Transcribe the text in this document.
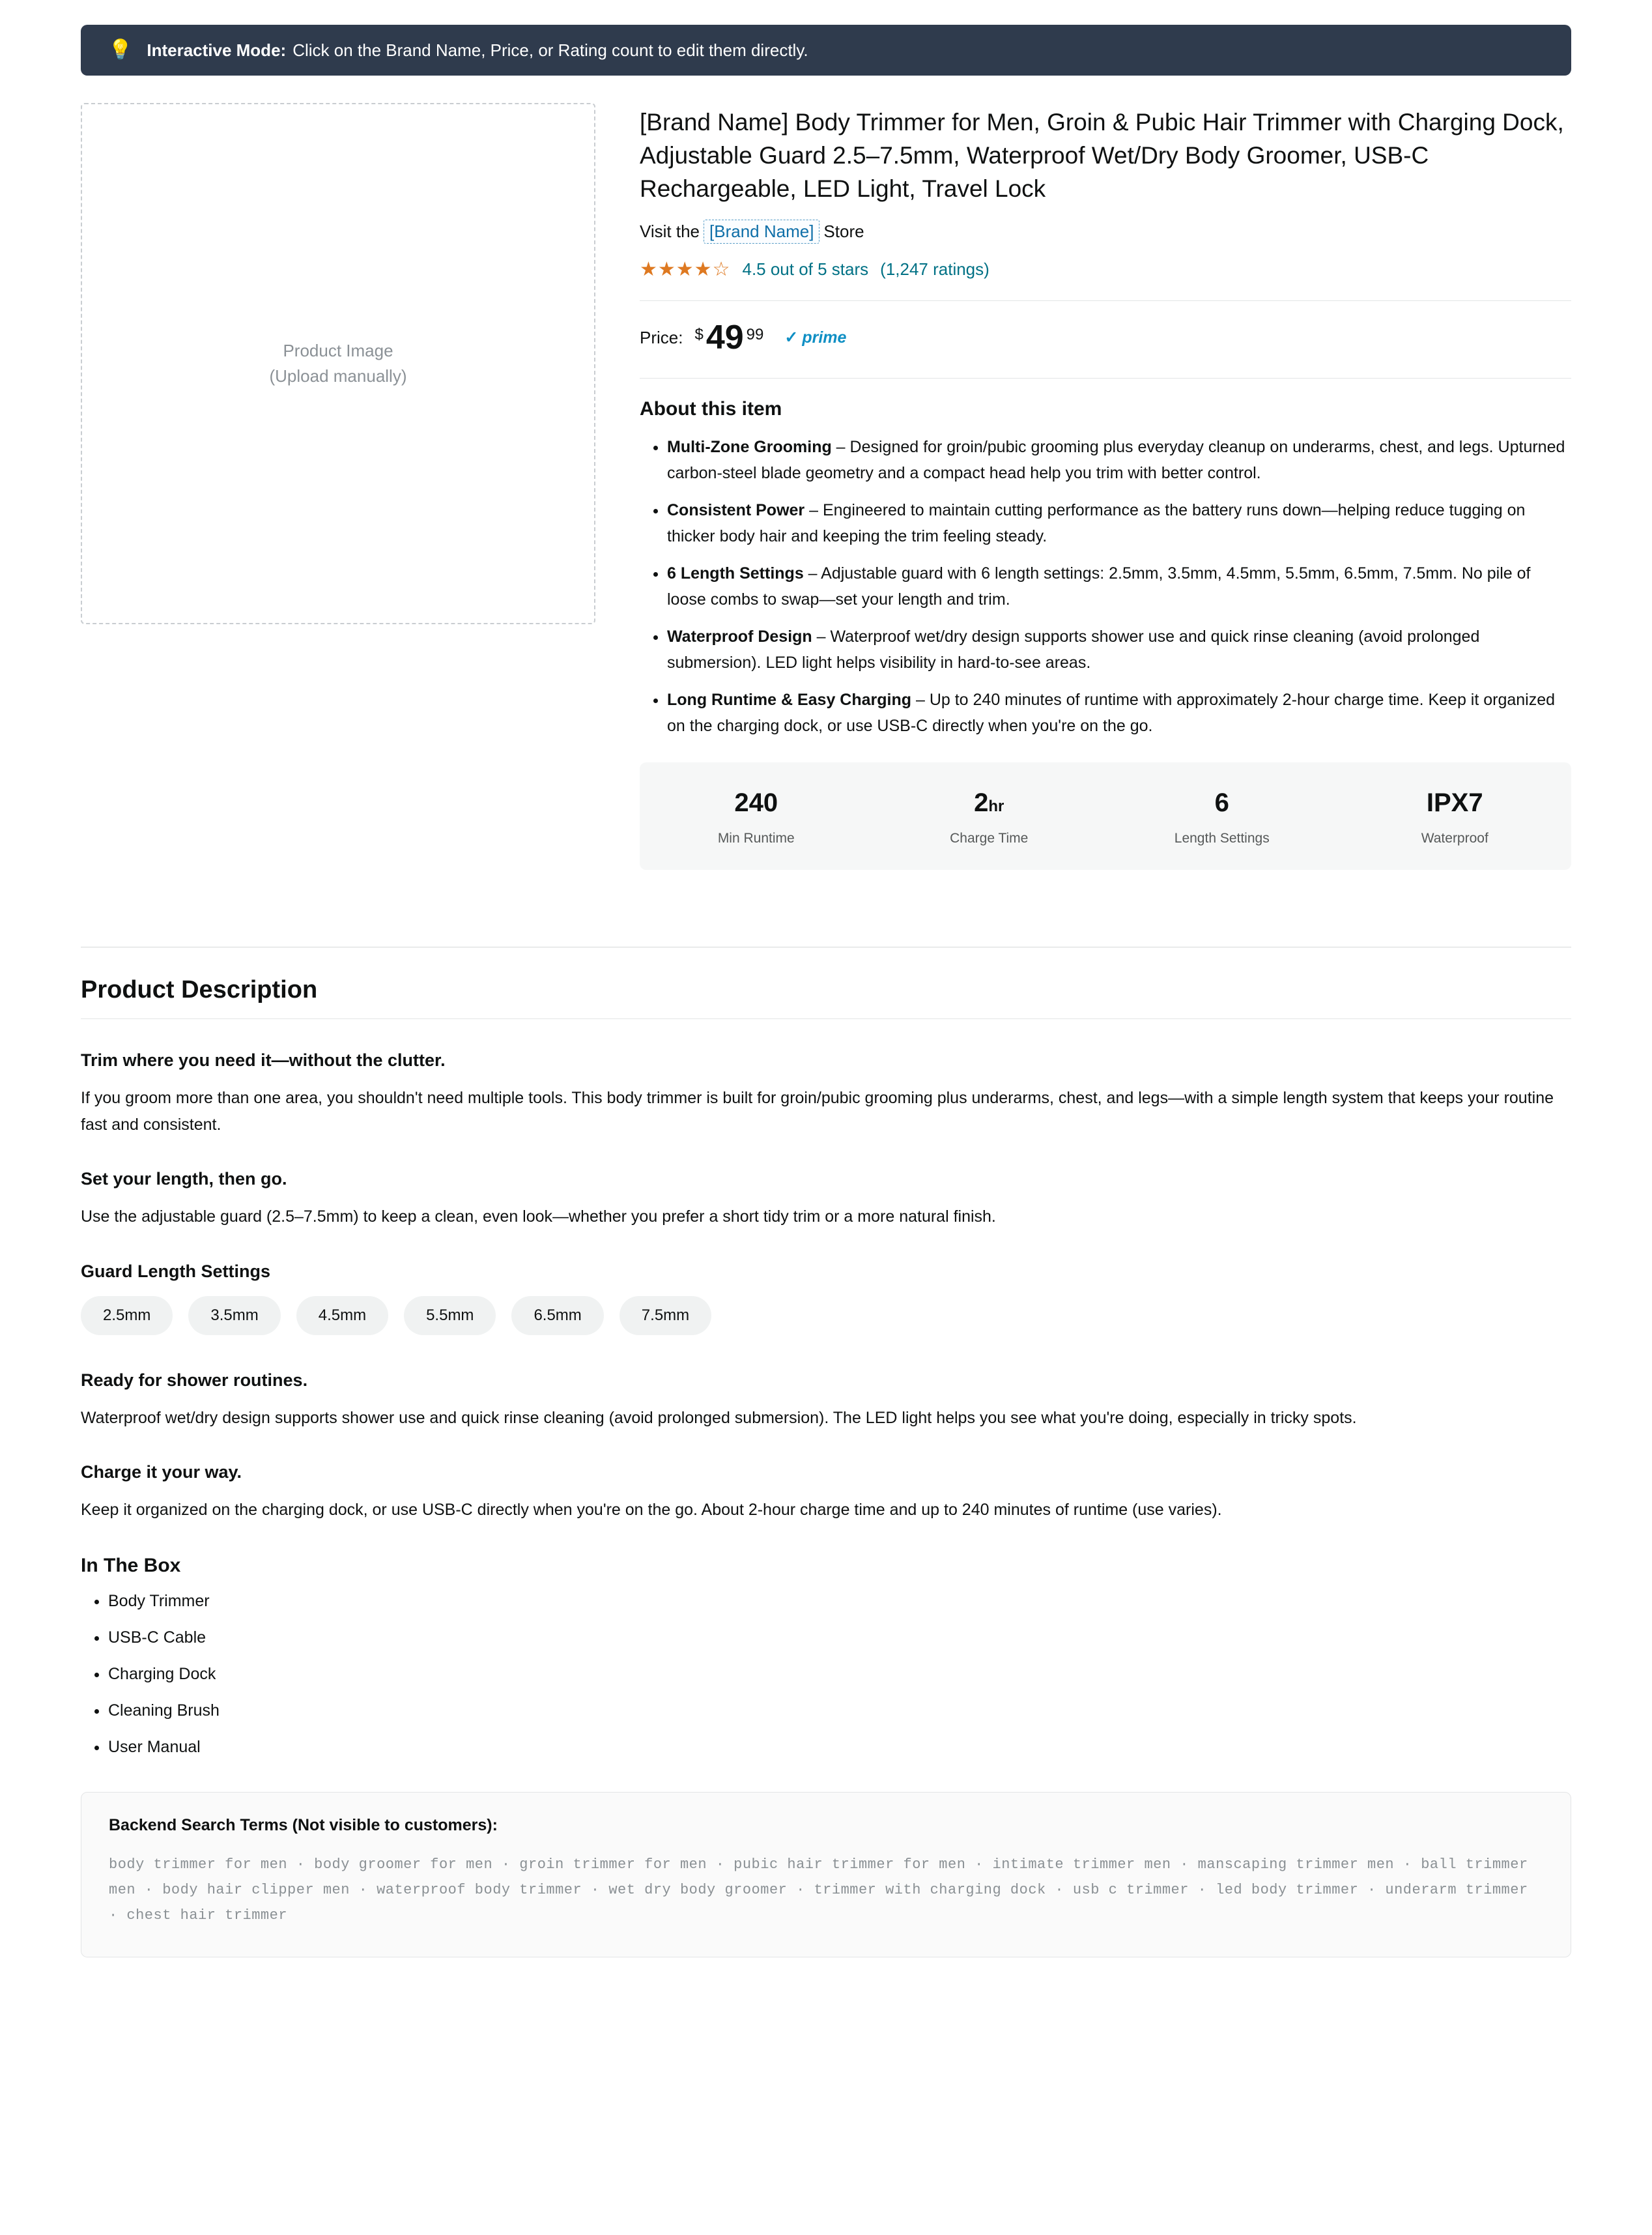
💡 Interactive Mode: Click on the Brand Name, Price, or Rating count to edit them directly.
Product Image
(Upload manually)
[Brand Name] Body Trimmer for Men, Groin & Pubic Hair Trimmer with Charging Dock, Adjustable Guard 2.5–7.5mm, Waterproof Wet/Dry Body Groomer, USB-C Rechargeable, LED Light, Travel Lock
Visit the [Brand Name] Store
★★★★☆ 4.5 out of 5 stars (1,247 ratings)
Price: $ 49 99 ✓ prime
About this item
• Multi-Zone Grooming – Designed for groin/pubic grooming plus everyday cleanup on underarms, chest, and legs. Upturned carbon-steel blade geometry and a compact head help you trim with better control.
• Consistent Power – Engineered to maintain cutting performance as the battery runs down—helping reduce tugging on thicker body hair and keeping the trim feeling steady.
• 6 Length Settings – Adjustable guard with 6 length settings: 2.5mm, 3.5mm, 4.5mm, 5.5mm, 6.5mm, 7.5mm. No pile of loose combs to swap—set your length and trim.
• Waterproof Design – Waterproof wet/dry design supports shower use and quick rinse cleaning (avoid prolonged submersion). LED light helps visibility in hard-to-see areas.
• Long Runtime & Easy Charging – Up to 240 minutes of runtime with approximately 2-hour charge time. Keep it organized on the charging dock, or use USB-C directly when you're on the go.
240
Min Runtime
2hr
Charge Time
6
Length Settings
IPX7
Waterproof
Product Description
Trim where you need it—without the clutter.

If you groom more than one area, you shouldn't need multiple tools. This body trimmer is built for groin/pubic grooming plus underarms, chest, and legs—with a simple length system that keeps your routine fast and consistent.

Set your length, then go.

Use the adjustable guard (2.5–7.5mm) to keep a clean, even look—whether you prefer a short tidy trim or a more natural finish.

Guard Length Settings
2.5mm	3.5mm	4.5mm	5.5mm	6.5mm	7.5mm
Ready for shower routines.

Waterproof wet/dry design supports shower use and quick rinse cleaning (avoid prolonged submersion). The LED light helps you see what you're doing, especially in tricky spots.

Charge it your way.

Keep it organized on the charging dock, or use USB-C directly when you're on the go. About 2-hour charge time and up to 240 minutes of runtime (use varies).

In The Box
• Body Trimmer
• USB-C Cable
• Charging Dock
• Cleaning Brush
• User Manual
Backend Search Terms (Not visible to customers):
body trimmer for men · body groomer for men · groin trimmer for men · pubic hair trimmer for men · intimate trimmer men · manscaping trimmer men · ball trimmer men · body hair clipper men · waterproof body trimmer · wet dry body groomer · trimmer with charging dock · usb c trimmer · led body trimmer · underarm trimmer · chest hair trimmer
